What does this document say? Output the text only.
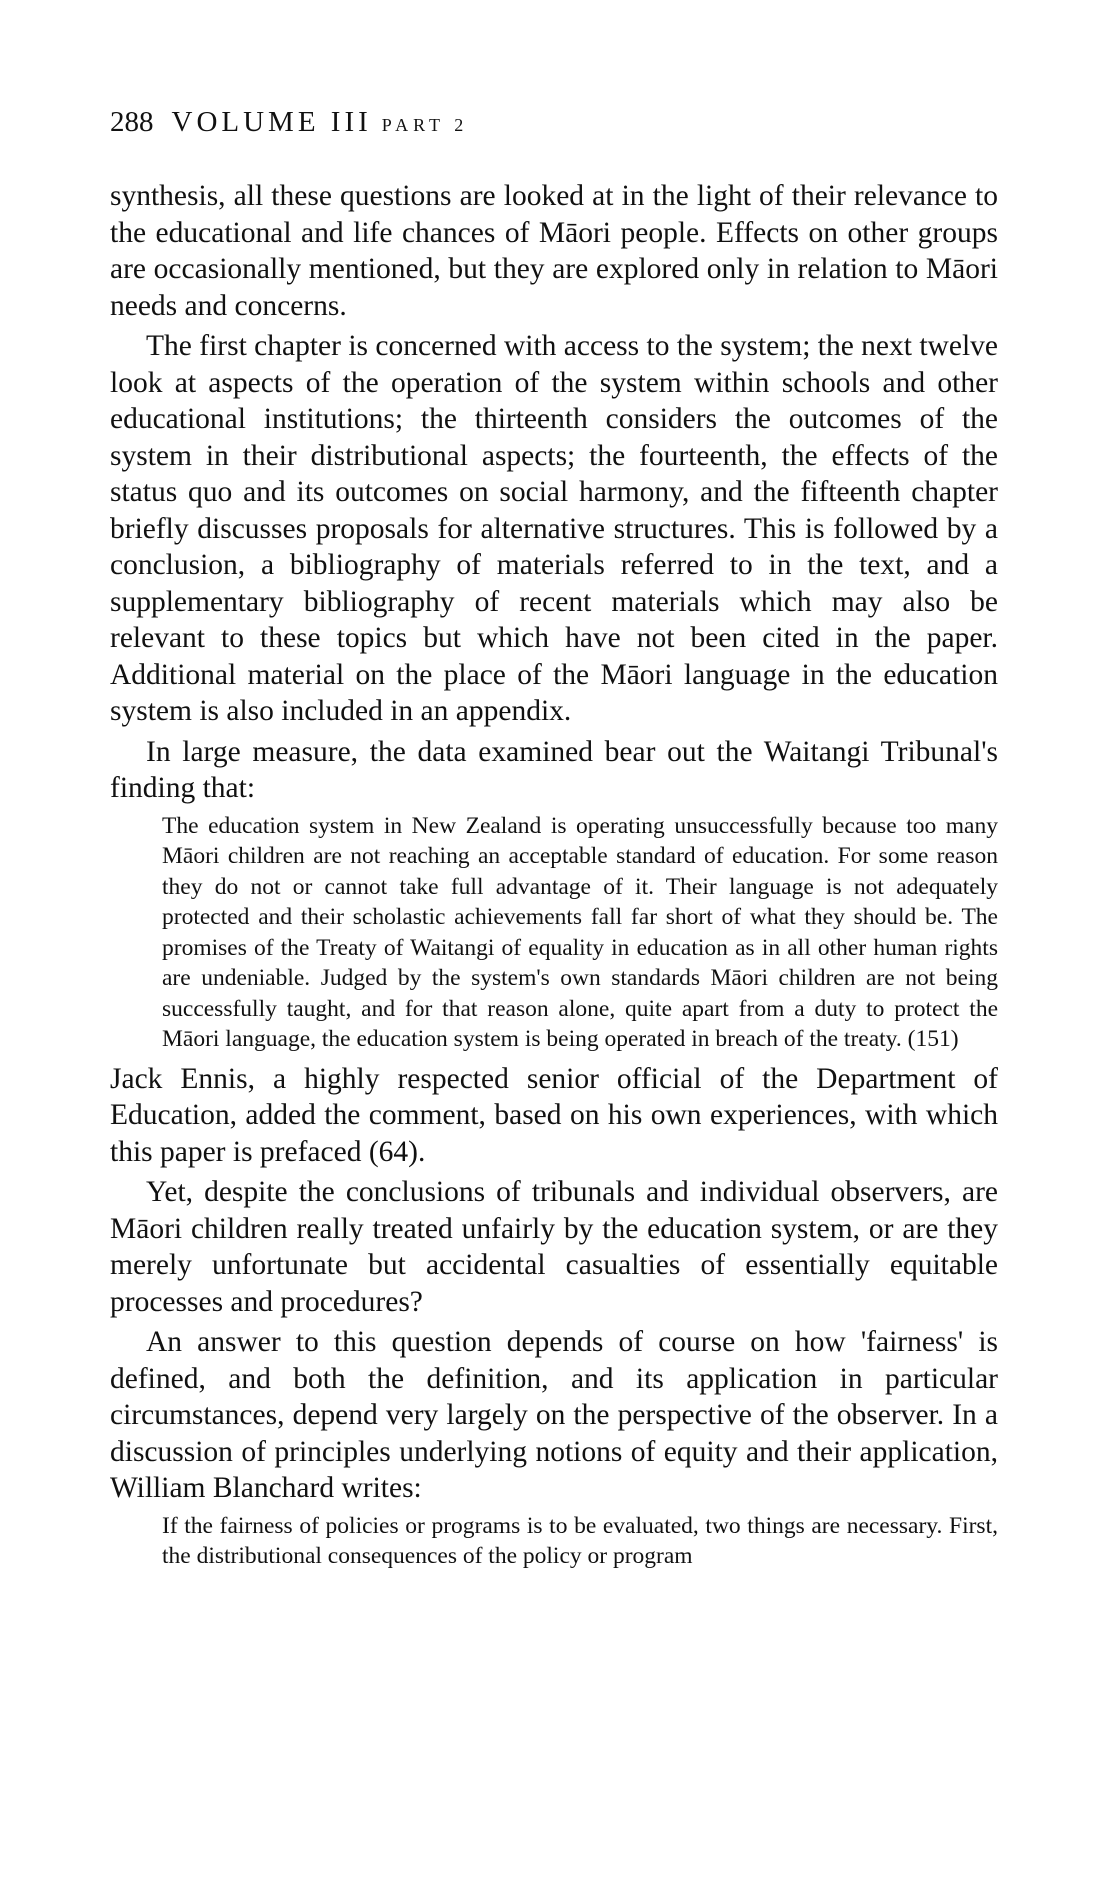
288 VOLUME III PART 2

synthesis, all these questions are looked at in the light of their relevance to the educational and life chances of Māori people. Effects on other groups are occasionally mentioned, but they are explored only in relation to Māori needs and concerns.

The first chapter is concerned with access to the system; the next twelve look at aspects of the operation of the system within schools and other educational institutions; the thirteenth considers the outcomes of the system in their distributional aspects; the fourteenth, the effects of the status quo and its outcomes on social harmony, and the fifteenth chapter briefly discusses proposals for alternative structures. This is followed by a conclusion, a bibliography of materials referred to in the text, and a supplementary bibliography of recent materials which may also be relevant to these topics but which have not been cited in the paper. Additional material on the place of the Māori language in the education system is also included in an appendix.

In large measure, the data examined bear out the Waitangi Tribunal's finding that:

The education system in New Zealand is operating unsuccessfully because too many Māori children are not reaching an acceptable standard of education. For some reason they do not or cannot take full advantage of it. Their language is not adequately protected and their scholastic achievements fall far short of what they should be. The promises of the Treaty of Waitangi of equality in education as in all other human rights are undeniable. Judged by the system's own standards Māori children are not being successfully taught, and for that reason alone, quite apart from a duty to protect the Māori language, the education system is being operated in breach of the treaty. (151)

Jack Ennis, a highly respected senior official of the Department of Education, added the comment, based on his own experiences, with which this paper is prefaced (64).

Yet, despite the conclusions of tribunals and individual observers, are Māori children really treated unfairly by the education system, or are they merely unfortunate but accidental casualties of essentially equitable processes and procedures?

An answer to this question depends of course on how 'fairness' is defined, and both the definition, and its application in particular circumstances, depend very largely on the perspective of the observer. In a discussion of principles underlying notions of equity and their application, William Blanchard writes:

If the fairness of policies or programs is to be evaluated, two things are necessary. First, the distributional consequences of the policy or program
